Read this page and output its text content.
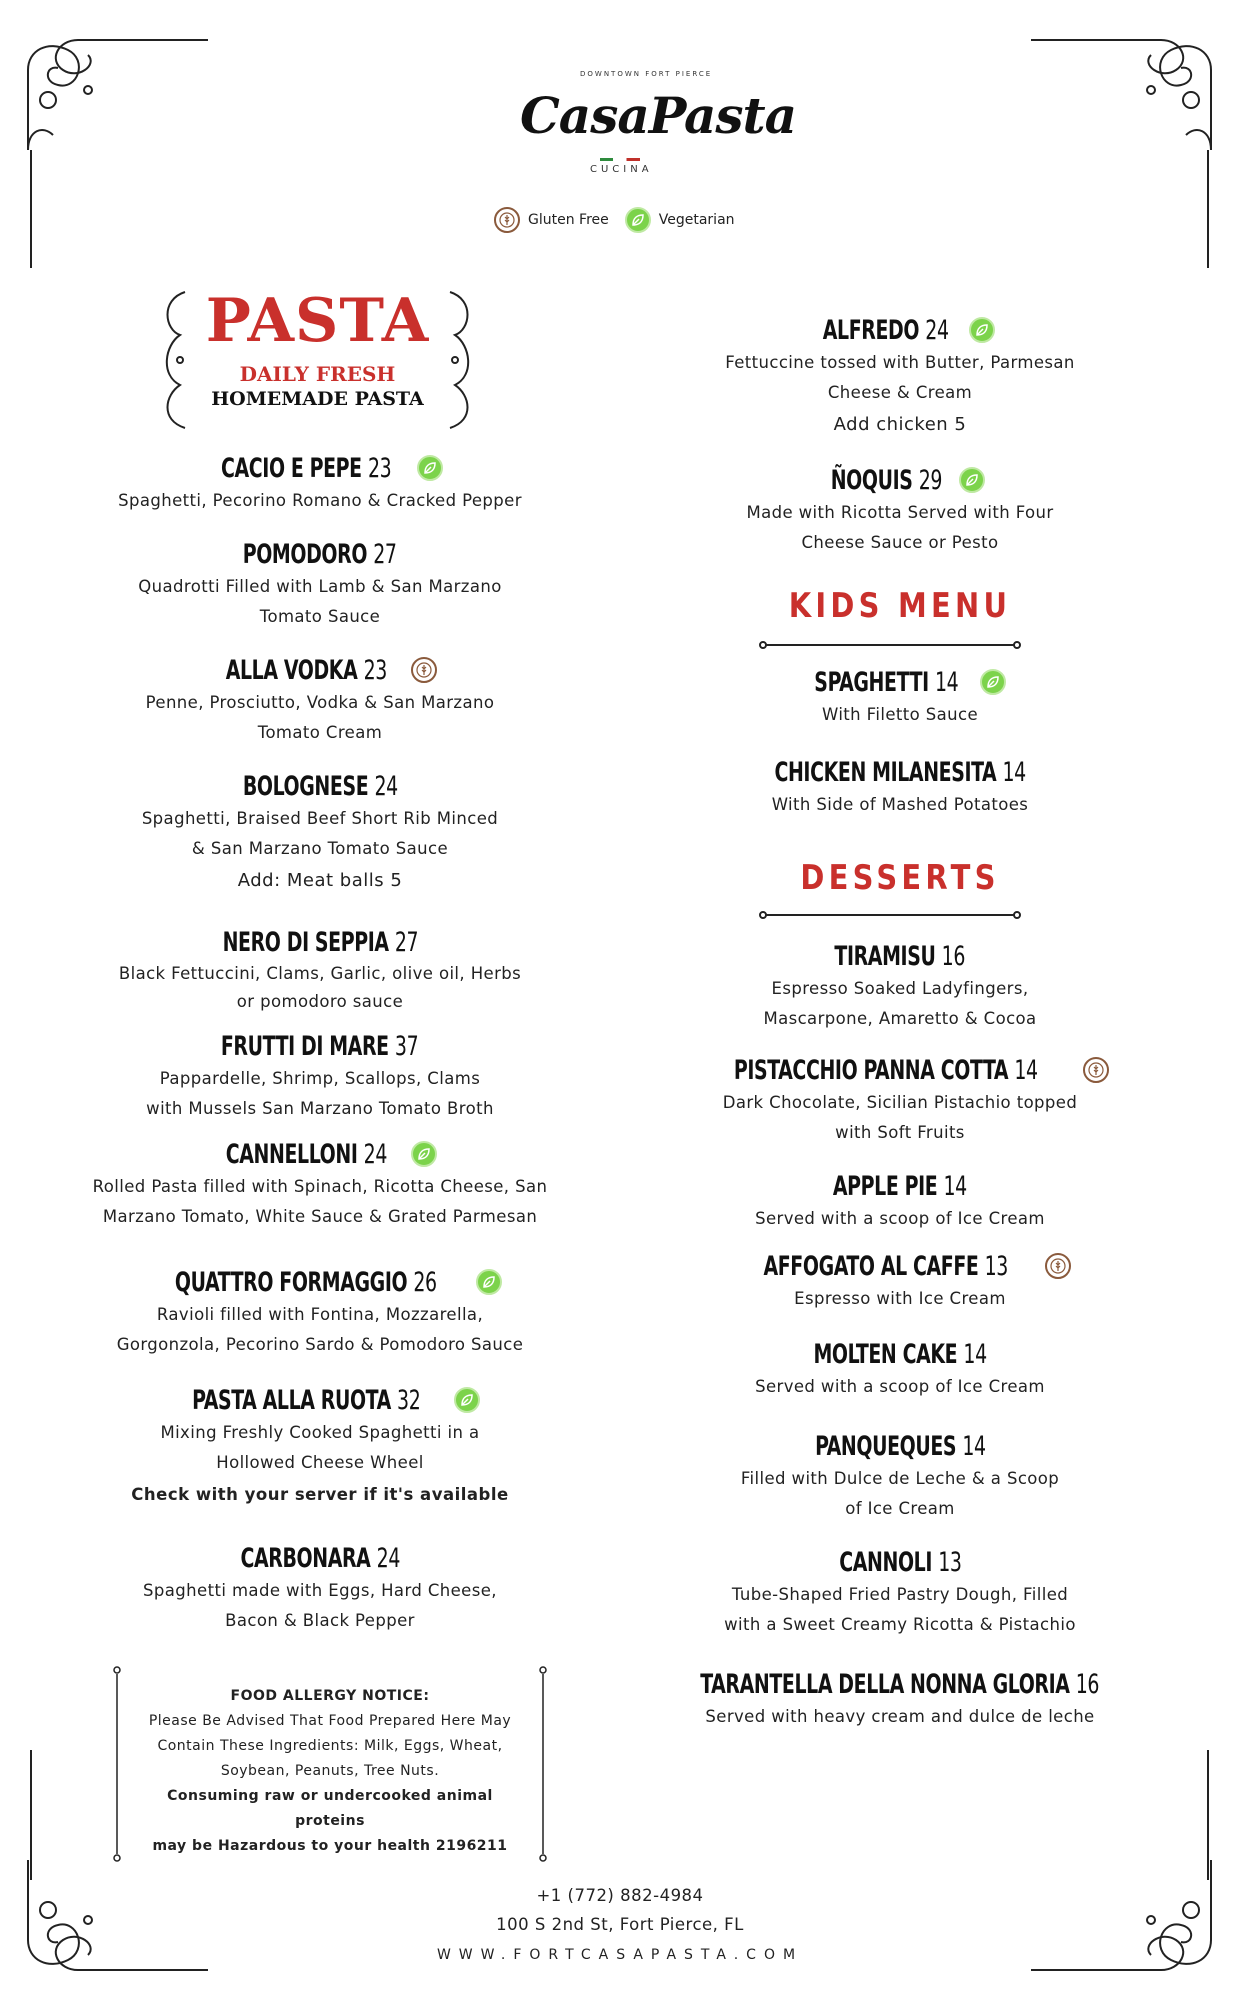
DOWNTOWN FORT PIERCE
CasaPasta
CUCINA
Gluten Free	Vegetarian
PASTA
DAILY FRESH
HOMEMADE PASTA
CACIO E PEPE 23
Spaghetti, Pecorino Romano & Cracked Pepper
POMODORO 27
Quadrotti Filled with Lamb & San Marzano
Tomato Sauce
ALLA VODKA 23
Penne, Prosciutto, Vodka & San Marzano
Tomato Cream
BOLOGNESE 24
Spaghetti, Braised Beef Short Rib Minced
& San Marzano Tomato Sauce
Add: Meat balls 5
NERO DI SEPPIA 27
Black Fettuccini, Clams, Garlic, olive oil, Herbs
or pomodoro sauce
FRUTTI DI MARE 37
Pappardelle, Shrimp, Scallops, Clams
with Mussels San Marzano Tomato Broth
CANNELLONI 24
Rolled Pasta filled with Spinach, Ricotta Cheese, San
Marzano Tomato, White Sauce & Grated Parmesan
QUATTRO FORMAGGIO 26
Ravioli filled with Fontina, Mozzarella,
Gorgonzola, Pecorino Sardo & Pomodoro Sauce
PASTA ALLA RUOTA 32
Mixing Freshly Cooked Spaghetti in a
Hollowed Cheese Wheel
Check with your server if it's available
CARBONARA 24
Spaghetti made with Eggs, Hard Cheese,
Bacon & Black Pepper
ALFREDO 24
Fettuccine tossed with Butter, Parmesan
Cheese & Cream
Add chicken 5
ÑOQUIS 29
Made with Ricotta Served with Four
Cheese Sauce or Pesto
KIDS MENU
SPAGHETTI 14
With Filetto Sauce
CHICKEN MILANESITA 14
With Side of Mashed Potatoes
DESSERTS
TIRAMISU 16
Espresso Soaked Ladyfingers,
Mascarpone, Amaretto & Cocoa
PISTACCHIO PANNA COTTA 14
Dark Chocolate, Sicilian Pistachio topped
with Soft Fruits
APPLE PIE 14
Served with a scoop of Ice Cream
AFFOGATO AL CAFFE 13
Espresso with Ice Cream
MOLTEN CAKE 14
Served with a scoop of Ice Cream
PANQUEQUES 14
Filled with Dulce de Leche & a Scoop
of Ice Cream
CANNOLI 13
Tube-Shaped Fried Pastry Dough, Filled
with a Sweet Creamy Ricotta & Pistachio
TARANTELLA DELLA NONNA GLORIA 16
Served with heavy cream and dulce de leche
FOOD ALLERGY NOTICE:
Please Be Advised That Food Prepared Here May
Contain These Ingredients: Milk, Eggs, Wheat,
Soybean, Peanuts, Tree Nuts.
Consuming raw or undercooked animal proteins
may be Hazardous to your health 2196211
+1 (772) 882-4984
100 S 2nd St, Fort Pierce, FL
WWW.FORTCASAPASTA.COM
